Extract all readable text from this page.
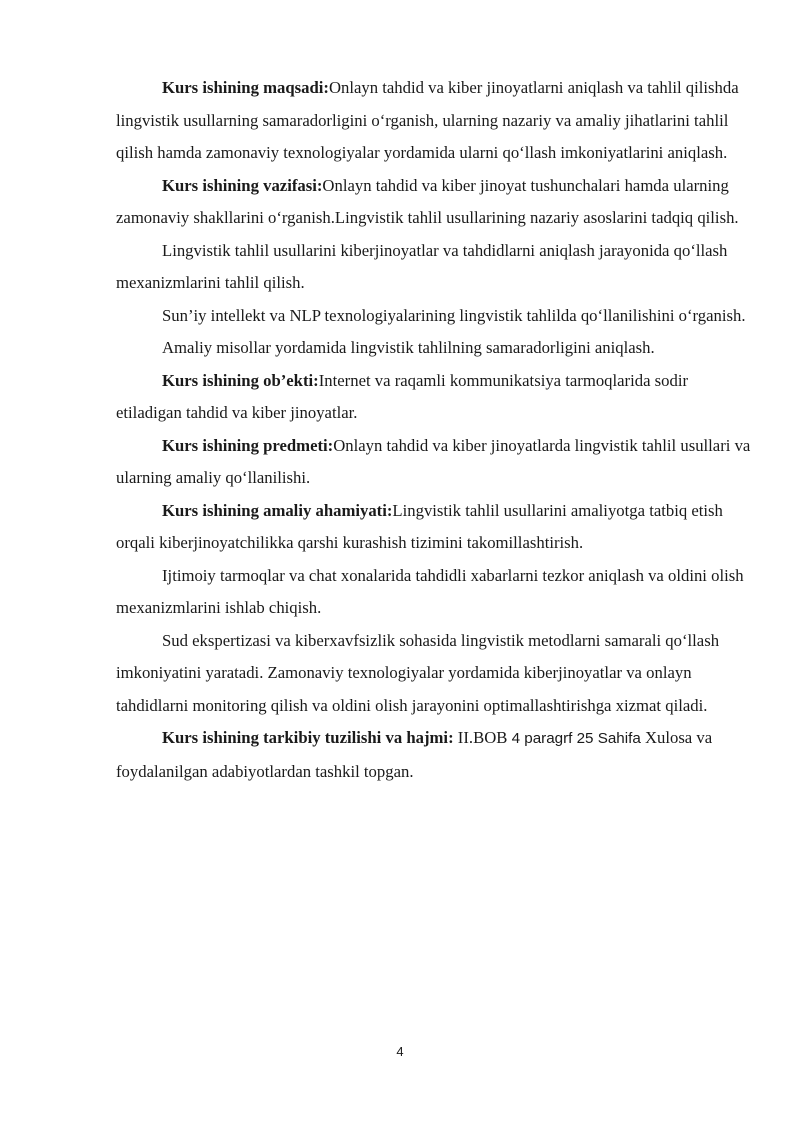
Kurs ishining maqsadi:Onlayn tahdid va kiber jinoyatlarni aniqlash va tahlil qilishda lingvistik usullarning samaradorligini o‘rganish, ularning nazariy va amaliy jihatlarini tahlil qilish hamda zamonaviy texnologiyalar yordamida ularni qo‘llash imkoniyatlarini aniqlash.

Kurs ishining vazifasi:Onlayn tahdid va kiber jinoyat tushunchalari hamda ularning zamonaviy shakllarini o‘rganish.Lingvistik tahlil usullarining nazariy asoslarini tadqiq qilish.

Lingvistik tahlil usullarini kiberjinoyatlar va tahdidlarni aniqlash jarayonida qo‘llash mexanizmlarini tahlil qilish.

Sun’iy intellekt va NLP texnologiyalarining lingvistik tahlilda qo‘llanilishini o‘rganish.

Amaliy misollar yordamida lingvistik tahlilning samaradorligini aniqlash.

Kurs ishining ob’ekti:Internet va raqamli kommunikatsiya tarmoqlarida sodir etiladigan tahdid va kiber jinoyatlar.

Kurs ishining predmeti:Onlayn tahdid va kiber jinoyatlarda lingvistik tahlil usullari va ularning amaliy qo‘llanilishi.

Kurs ishining amaliy ahamiyati:Lingvistik tahlil usullarini amaliyotga tatbiq etish orqali kiberjinoyatchilikka qarshi kurashish tizimini takomillashtirish.

Ijtimoiy tarmoqlar va chat xonalarida tahdidli xabarlarni tezkor aniqlash va oldini olish mexanizmlarini ishlab chiqish.

Sud ekspertizasi va kiberxavfsizlik sohasida lingvistik metodlarni samarali qo‘llash imkoniyatini yaratadi. Zamonaviy texnologiyalar yordamida kiberjinoyatlar va onlayn tahdidlarni monitoring qilish va oldini olish jarayonini optimallashtirishga xizmat qiladi.

Kurs ishining tarkibiy tuzilishi va hajmi: II.BOB 4 paragrf 25 Sahifa Xulosa va foydalanilgan adabiyotlardan tashkil topgan.

4
